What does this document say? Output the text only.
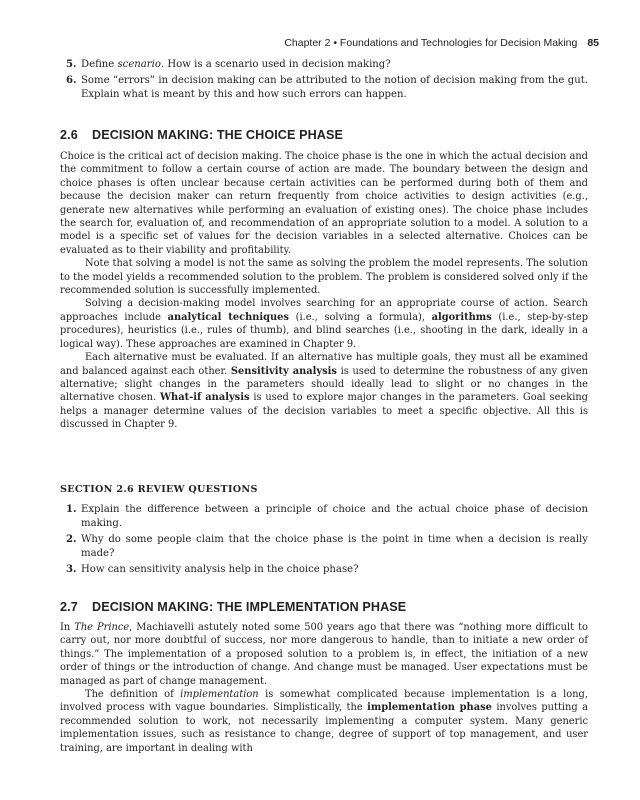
Chapter 2 • Foundations and Technologies for Decision Making 85

5. Define scenario. How is a scenario used in decision making?

6. Some “errors” in decision making can be attributed to the notion of decision making from the gut. Explain what is meant by this and how such errors can happen.

2.6 DECISION MAKING: THE CHOICE PHASE

Choice is the critical act of decision making. The choice phase is the one in which the actual decision and the commitment to follow a certain course of action are made. The boundary between the design and choice phases is often unclear because certain activities can be performed during both of them and because the decision maker can return frequently from choice activities to design activities (e.g., generate new alternatives while performing an evaluation of existing ones). The choice phase includes the search for, evaluation of, and recommendation of an appropriate solution to a model. A solution to a model is a specific set of values for the decision variables in a selected alternative. Choices can be evaluated as to their viability and profitability.

Note that solving a model is not the same as solving the problem the model represents. The solution to the model yields a recommended solution to the problem. The problem is considered solved only if the recommended solution is successfully implemented.

Solving a decision-making model involves searching for an appropriate course of action. Search approaches include analytical techniques (i.e., solving a formula), algorithms (i.e., step-by-step procedures), heuristics (i.e., rules of thumb), and blind searches (i.e., shooting in the dark, ideally in a logical way). These approaches are examined in Chapter 9.

Each alternative must be evaluated. If an alternative has multiple goals, they must all be examined and balanced against each other. Sensitivity analysis is used to determine the robustness of any given alternative; slight changes in the parameters should ideally lead to slight or no changes in the alternative chosen. What-if analysis is used to explore major changes in the parameters. Goal seeking helps a manager determine values of the decision variables to meet a specific objective. All this is discussed in Chapter 9.

SECTION 2.6 REVIEW QUESTIONS

1. Explain the difference between a principle of choice and the actual choice phase of decision making.

2. Why do some people claim that the choice phase is the point in time when a decision is really made?

3. How can sensitivity analysis help in the choice phase?

2.7 DECISION MAKING: THE IMPLEMENTATION PHASE

In The Prince, Machiavelli astutely noted some 500 years ago that there was “nothing more difficult to carry out, nor more doubtful of success, nor more dangerous to handle, than to initiate a new order of things.” The implementation of a proposed solution to a problem is, in effect, the initiation of a new order of things or the introduction of change. And change must be managed. User expectations must be managed as part of change management.

The definition of implementation is somewhat complicated because implementation is a long, involved process with vague boundaries. Simplistically, the implementation phase involves putting a recommended solution to work, not necessarily implementing a computer system. Many generic implementation issues, such as resistance to change, degree of support of top management, and user training, are important in dealing with
